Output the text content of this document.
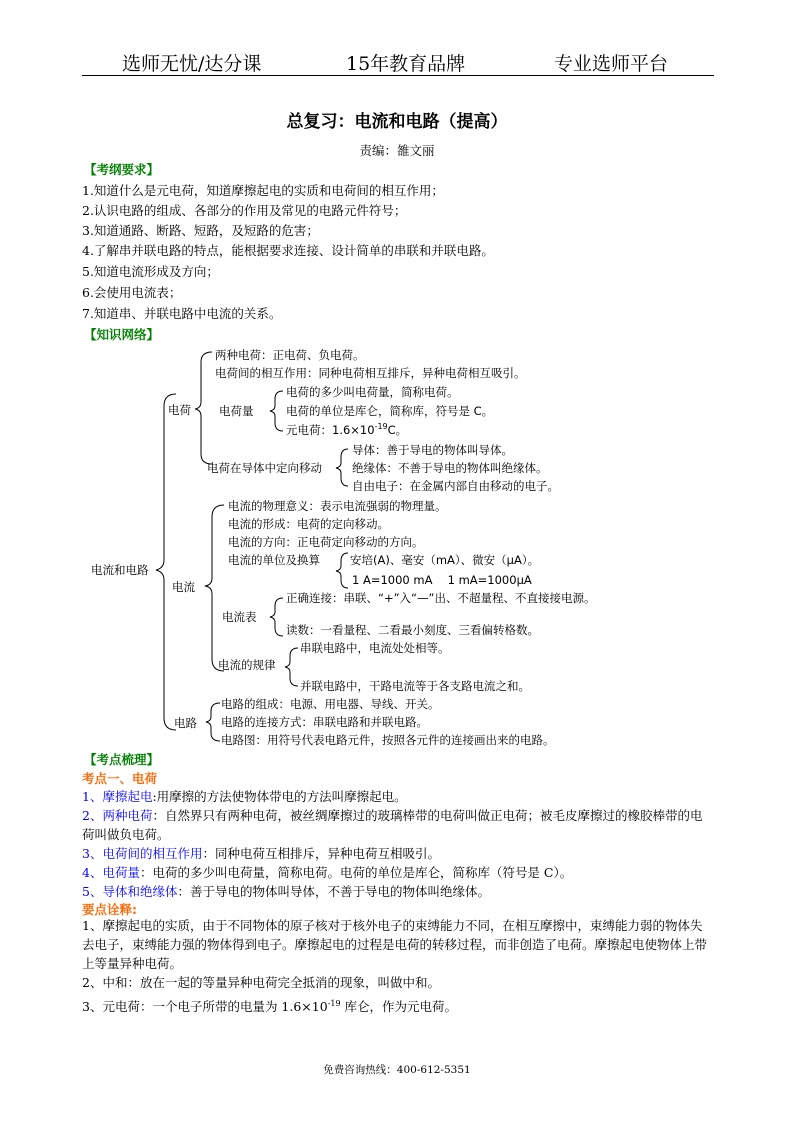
选师无忧/达分课	15年教育品牌	专业选师平台
总复习：电流和电路（提高）
责编：雒文丽
【考纲要求】
1.知道什么是元电荷，知道摩擦起电的实质和电荷间的相互作用；
2.认识电路的组成、各部分的作用及常见的电路元件符号；
3.知道通路、断路、短路，及短路的危害；
4.了解串并联电路的特点，能根据要求连接、设计简单的串联和并联电路。
5.知道电流形成及方向；
6.会使用电流表；
7.知道串、并联电路中电流的关系。
【知识网络】
电流和电路
电荷
两种电荷：正电荷、负电荷。
电荷间的相互作用：同种电荷相互排斥，异种电荷相互吸引。
电荷量
电荷的多少叫电荷量，简称电荷。
电荷的单位是库仑，简称库，符号是 C。
元电荷：$1.6\times 10^{-19}C$。
电荷在导体中定向移动
导体：善于导电的物体叫导体。
绝缘体：不善于导电的物体叫绝缘体。
自由电子：在金属内部自由移动的电子。
电流
电流的物理意义：表示电流强弱的物理量。
电流的形成：电荷的定向移动。
电流的方向：正电荷定向移动的方向。
电流的单位及换算	安培(A)、毫安（mA）、微安（μA）。
1 A=1000 mA　 1 mA=1000μA
电流表
正确连接：串联、“+”入“—”出、不超量程、不直接接电源。
读数：一看量程、二看最小刻度、三看偏转格数。
电流的规律
串联电路中，电流处处相等。
并联电路中，干路电流等于各支路电流之和。
电路
电路的组成：电源、用电器、导线、开关。
电路的连接方式：串联电路和并联电路。
电路图：用符号代表电路元件，按照各元件的连接画出来的电路。
【考点梳理】
考点一、电荷
1、摩擦起电:用摩擦的方法使物体带电的方法叫摩擦起电。
2、两种电荷：自然界只有两种电荷，被丝绸摩擦过的玻璃棒带的电荷叫做正电荷；被毛皮摩擦过的橡胶棒带的电荷叫做负电荷。
3、电荷间的相互作用：同种电荷互相排斥，异种电荷互相吸引。
4、电荷量：电荷的多少叫电荷量，简称电荷。电荷的单位是库仑，简称库（符号是 C）。
5、导体和绝缘体：善于导电的物体叫导体，不善于导电的物体叫绝缘体。
要点诠释:
1、摩擦起电的实质，由于不同物体的原子核对于核外电子的束缚能力不同，在相互摩擦中，束缚能力弱的物体失去电子，束缚能力强的物体得到电子。摩擦起电的过程是电荷的转移过程，而非创造了电荷。摩擦起电使物体上带上等量异种电荷。
2、中和：放在一起的等量异种电荷完全抵消的现象，叫做中和。
3、元电荷：一个电子所带的电量为 $1.6\times 10^{-19}$ 库仑，作为元电荷。
免费咨询热线：400-612-5351
